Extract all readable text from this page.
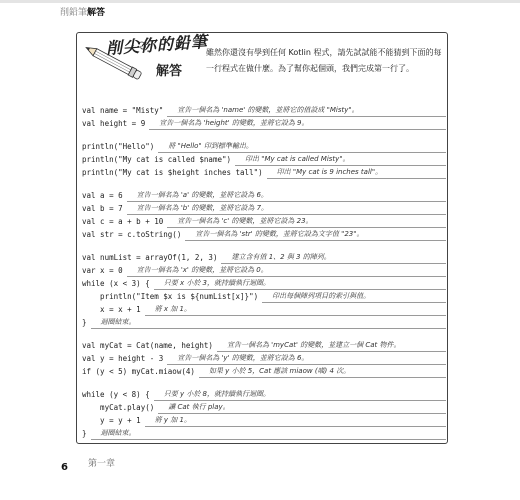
削鉛筆解答
削尖你的鉛筆
解答
雖然你還沒有學到任何 Kotlin 程式，請先試試能不能猜到下面的每一行程式在做什麼。為了幫你起個頭，我們完成第一行了。
val name = "Misty"	宣告一個名為 'name' 的變數，並將它的值設成 "Misty"。
val height = 9	宣告一個名為 'height' 的變數，並將它設為 9。
println("Hello")	將 "Hello" 印到標準輸出。
println("My cat is called $name")	印出 "My cat is called Misty"。
println("My cat is $height inches tall")	印出 "My cat is 9 inches tall"。
val a = 6	宣告一個名為 'a' 的變數，並將它設為 6。
val b = 7	宣告一個名為 'b' 的變數，並將它設為 7。
val c = a + b + 10	宣告一個名為 'c' 的變數，並將它設為 23。
val str = c.toString()	宣告一個名為 'str' 的變數，並將它設為文字值 "23"。
val numList = arrayOf(1, 2, 3)	建立含有值 1、2 與 3 的陣列。
var x = 0	宣告一個名為 'x' 的變數，並將它設為 0。
while (x < 3) {	只要 x 小於 3，就持續執行迴圈。
println("Item $x is ${numList[x]}")	印出每個陣列項目的索引與值。
x = x + 1	將 x 加 1。
}	迴圈結束。
val myCat = Cat(name, height)	宣告一個名為 'myCat' 的變數，並建立一個 Cat 物件。
val y = height - 3	宣告一個名為 'y' 的變數，並將它設為 6。
if (y < 5) myCat.miaow(4)	如果 y 小於 5，Cat 應該 miaow (喵) 4 次。
while (y < 8) {	只要 y 小於 8，就持續執行迴圈。
myCat.play()	讓 Cat 執行 play。
y = y + 1	將 y 加 1。
}	迴圈結束。
6 第一章
